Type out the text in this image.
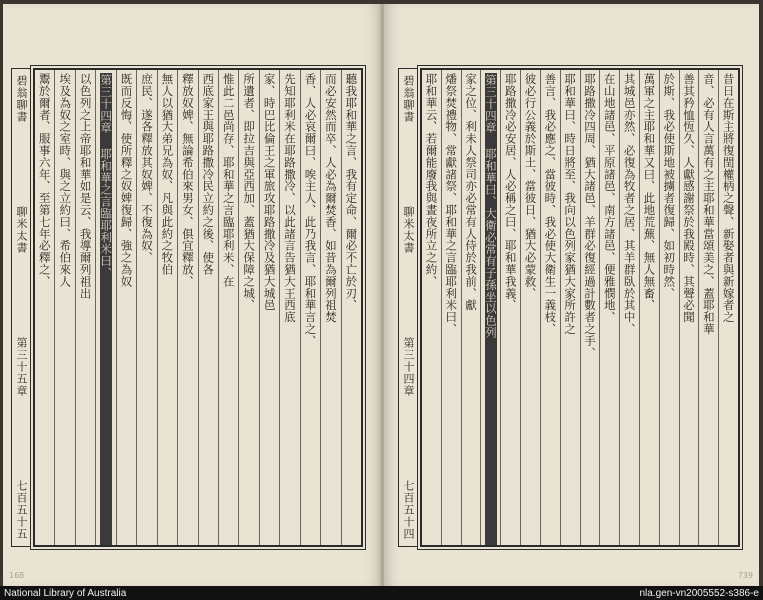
碧翁聊書
聊米太書
第三十五章
七百五十五
聽我耶和華之言、我有定命、爾必不亡於刃、
而必安然而卒、人必為爾焚香、如昔為爾列祖焚
香、人必哀爾曰、唉主人、此乃我言、耶和華言之、
先知耶利米在耶路撒冷、以此諸言告猶大王西底
家、時巴比倫王之軍旅攻耶路撒冷及猶大城邑
所遺者、即拉吉與亞西加、蓋猶大保障之城、
惟此二邑尚存、耶和華之言臨耶利米、在
西底家王與耶路撒冷民立約之後、使各
釋放奴婢、無論希伯來男女、俱宜釋放、
無人以猶大弟兄為奴、凡與此約之牧伯
庶民、遂各釋放其奴婢、不復為奴、
既而反悔、使所釋之奴婢復歸、強之為奴
第三十四章 耶和華之言臨耶利米曰、
以色列之上帝耶和華如是云、我導爾列祖出
埃及為奴之室時、與之立約曰、希伯來人
鬻於爾者、服事六年、至第七年必釋之、
168
碧翁聊書
聊米太書
第三十四章
七百五十四
昔日在斯主將復閏權柄之聲、新娶者與新嫁者之
音、必有人言萬有之主耶和華當頌美之、蓋耶和華
善其矜恤恆久、人獻感謝祭於我殿時、其聲必聞
於斯、我必使斯地被擄者復歸、如初時然、
萬軍之主耶和華又曰、此地荒蕪、無人無畜、
其城邑亦然、必復為牧者之居、其羊群臥於其中、
在山地諸邑、平原諸邑、南方諸邑、便雅憫地、
耶路撒冷四周、猶大諸邑、羊群必復經過計數者之手、
耶和華曰、時日將至、我向以色列家猶大家所許之
善言、我必應之、當彼時、我必使大衛生一義枝、
彼必行公義於斯土、當彼日、猶大必蒙救、
耶路撒冷必安居、人必稱之曰、耶和華我義、
第三十四章 耶和華曰、大衛必常有子孫坐以色列
家之位、利未人祭司亦必常有人侍於我前、獻
燔祭焚禮物、常獻諸祭、耶和華之言臨耶利米曰、
耶和華云、若爾能廢我與晝夜所立之約、
739
National Library of Australia	nla.gen-vn2005552-s386-e
